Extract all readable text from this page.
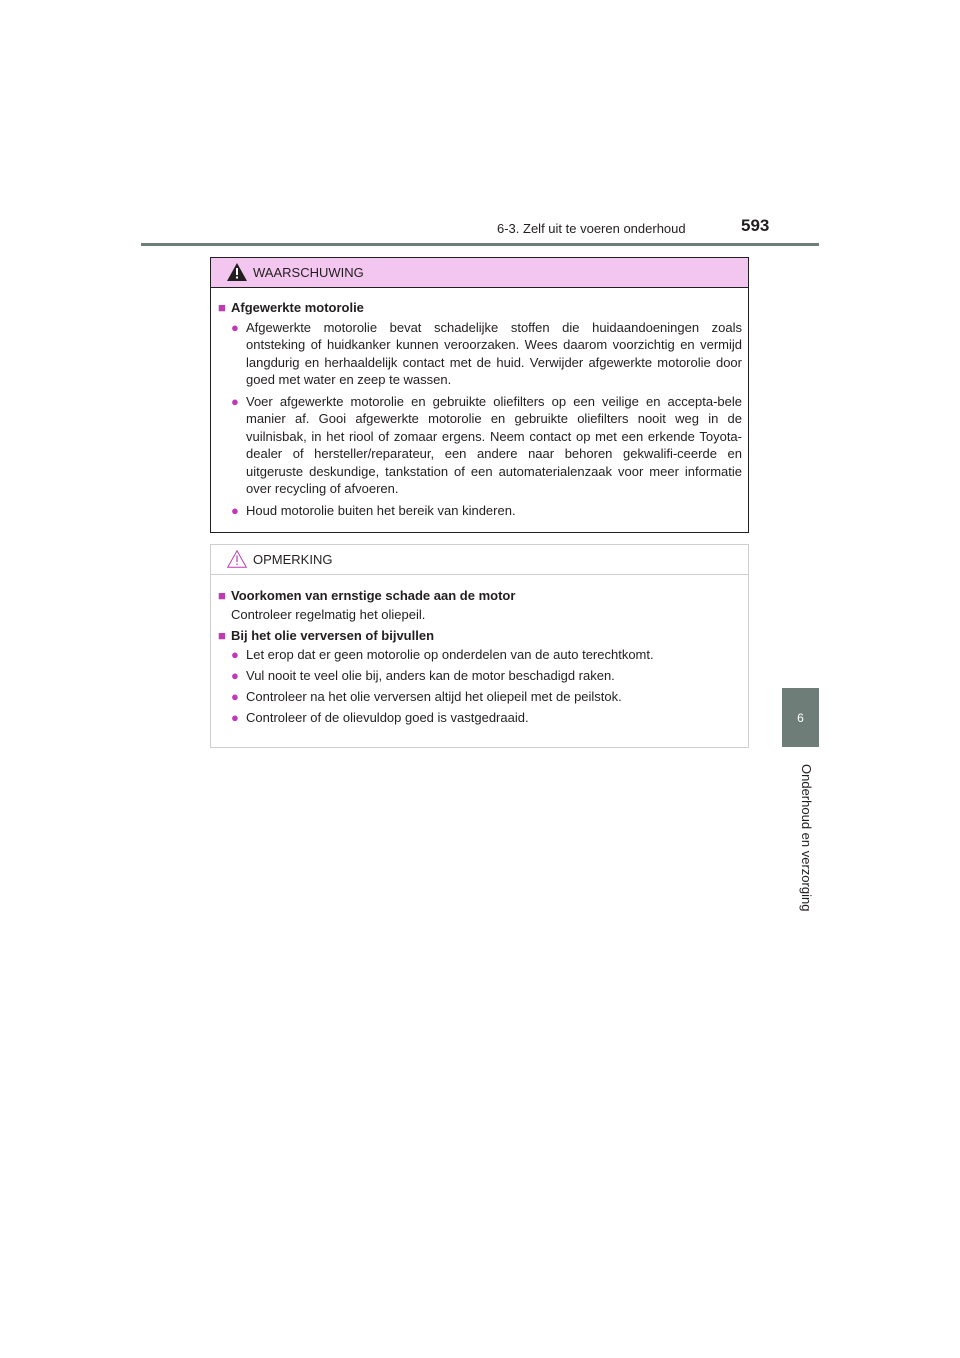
6-3. Zelf uit te voeren onderhoud	593
6
Onderhoud en verzorging
WAARSCHUWING
■ Afgewerkte motorolie
● Afgewerkte motorolie bevat schadelijke stoffen die huidaandoeningen zoals ontsteking of huidkanker kunnen veroorzaken. Wees daarom voorzichtig en vermijd langdurig en herhaaldelijk contact met de huid. Verwijder afgewerkte motorolie door goed met water en zeep te wassen.
● Voer afgewerkte motorolie en gebruikte oliefilters op een veilige en accepta-bele manier af. Gooi afgewerkte motorolie en gebruikte oliefilters nooit weg in de vuilnisbak, in het riool of zomaar ergens. Neem contact op met een erkende Toyota-dealer of hersteller/reparateur, een andere naar behoren gekwalifi-ceerde en uitgeruste deskundige, tankstation of een automaterialenzaak voor meer informatie over recycling of afvoeren.
● Houd motorolie buiten het bereik van kinderen.
OPMERKING
■ Voorkomen van ernstige schade aan de motor
Controleer regelmatig het oliepeil.
■ Bij het olie verversen of bijvullen
● Let erop dat er geen motorolie op onderdelen van de auto terechtkomt.
● Vul nooit te veel olie bij, anders kan de motor beschadigd raken.
● Controleer na het olie verversen altijd het oliepeil met de peilstok.
● Controleer of de olievuldop goed is vastgedraaid.
